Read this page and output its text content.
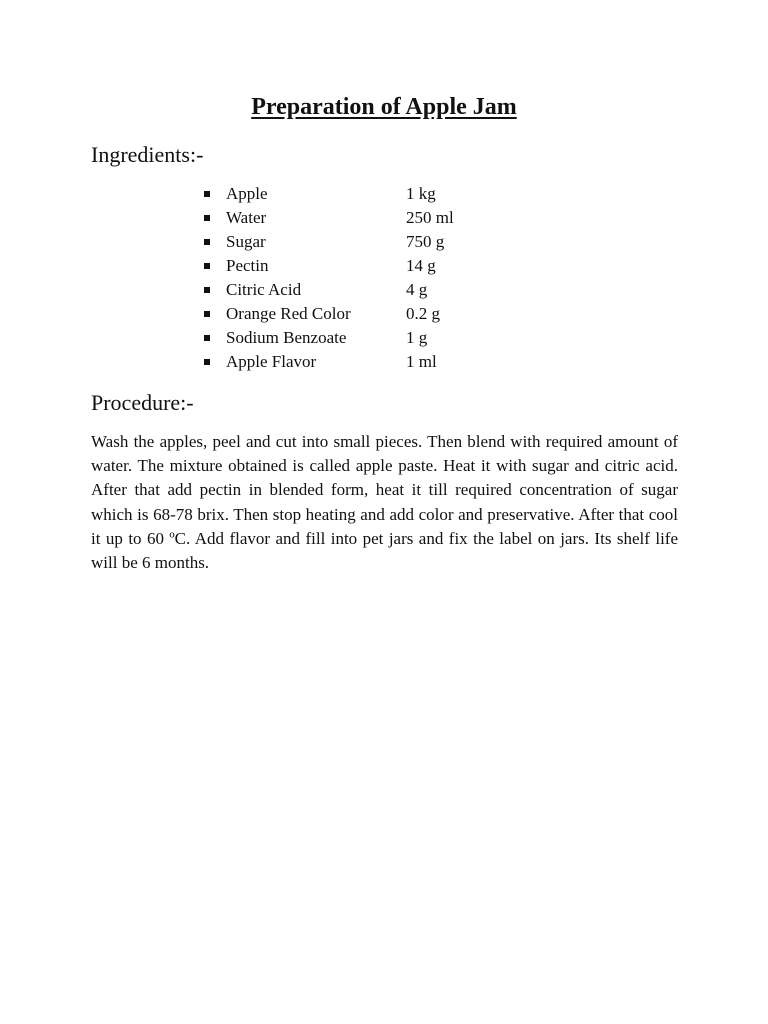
Preparation of Apple Jam
Ingredients:-
Apple	1 kg
Water	250 ml
Sugar	750 g
Pectin	14 g
Citric Acid	4 g
Orange Red Color	0.2 g
Sodium Benzoate	1 g
Apple Flavor	1 ml
Procedure:-

Wash the apples, peel and cut into small pieces. Then blend with required amount of water. The mixture obtained is called apple paste. Heat it with sugar and citric acid. After that add pectin in blended form, heat it till required concentration of sugar which is 68-78 brix. Then stop heating and add color and preservative. After that cool it up to 60 ºC. Add flavor and fill into pet jars and fix the label on jars. Its shelf life will be 6 months.
